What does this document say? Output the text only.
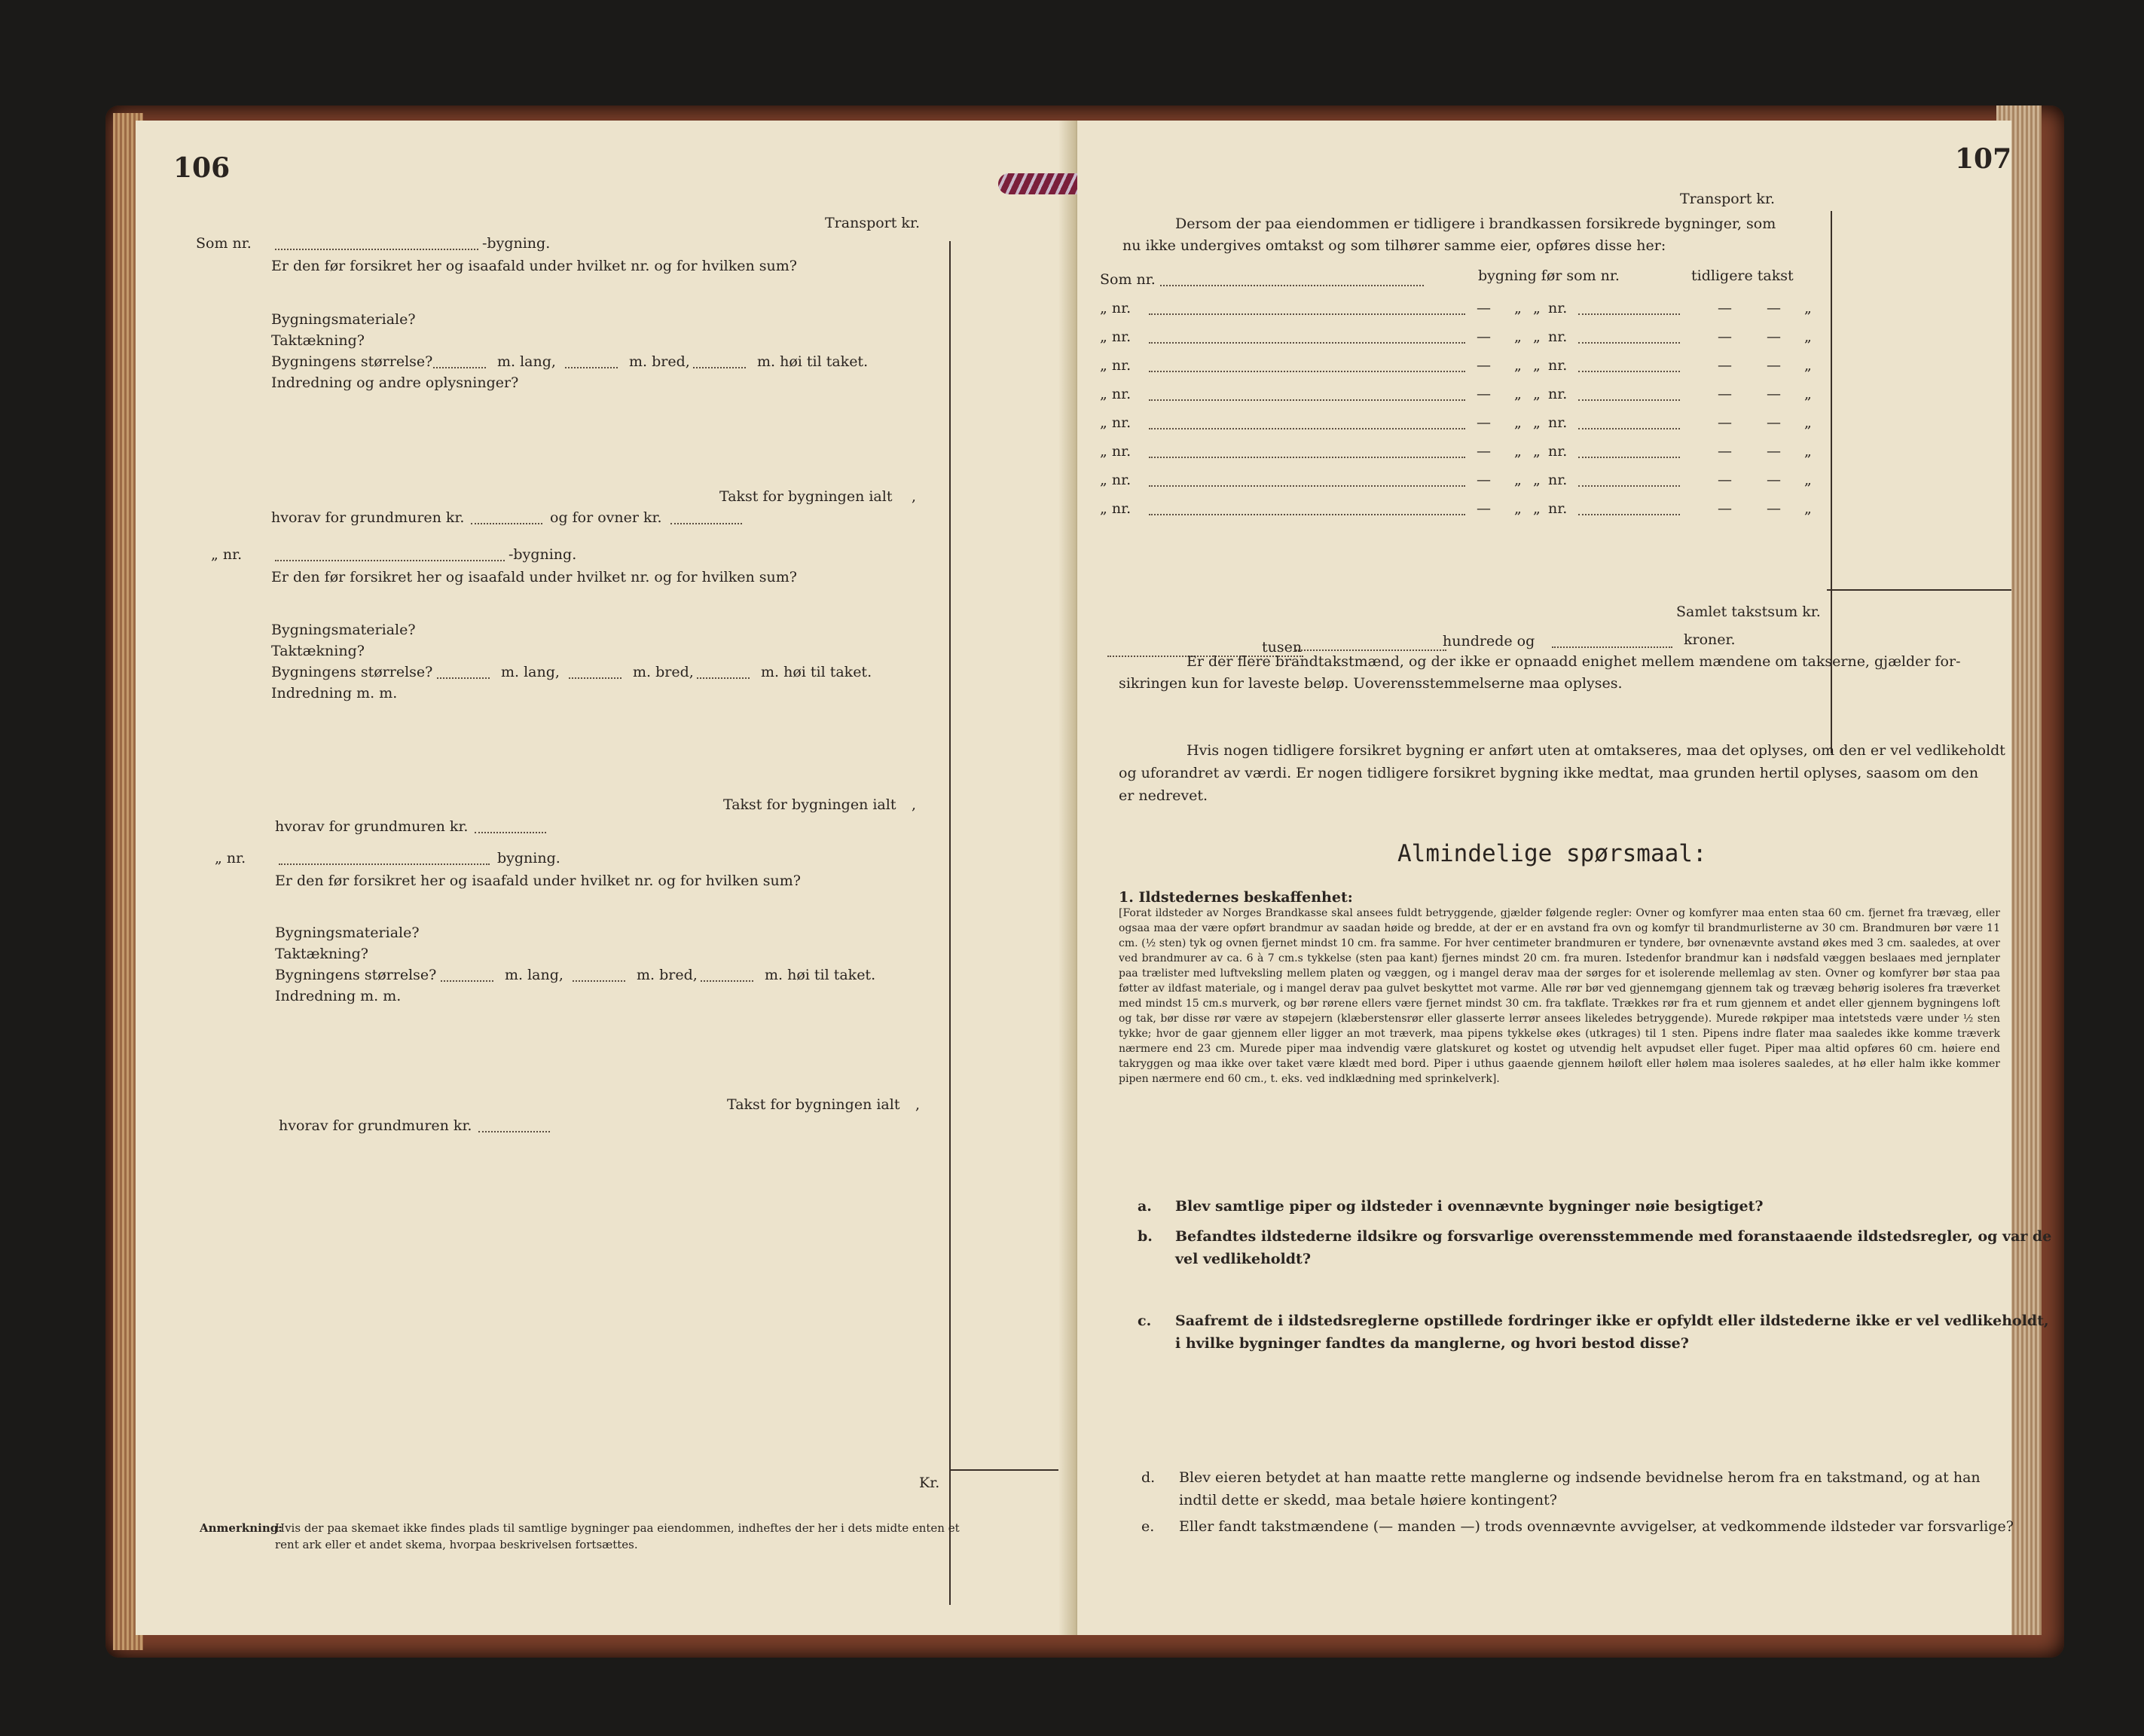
106
Transport kr.
Som nr.	-bygning.
Er den før forsikret her og isaafald under hvilket nr. og for hvilken sum?
Bygningsmateriale?
Taktækning?
Bygningens størrelse?	m. lang,	m. bred,	m. høi til taket.
Indredning og andre oplysninger?
Takst for bygningen ialt ,
hvorav for grundmuren kr.	og for ovner kr.
„ nr.	-bygning.
Er den før forsikret her og isaafald under hvilket nr. og for hvilken sum?
Bygningsmateriale?
Taktækning?
Bygningens størrelse?	m. lang,	m. bred,	m. høi til taket.
Indredning m. m.
Takst for bygningen ialt ,
hvorav for grundmuren kr.
„ nr.	bygning.
Er den før forsikret her og isaafald under hvilket nr. og for hvilken sum?
Bygningsmateriale?
Taktækning?
Bygningens størrelse?	m. lang,	m. bred,	m. høi til taket.
Indredning m. m.
Takst for bygningen ialt ,
hvorav for grundmuren kr.
Kr.
Anmerkning:
Hvis der paa skemaet ikke findes plads til samtlige bygninger paa eiendommen, indheftes der her i dets midte enten et
rent ark eller et andet skema, hvorpaa beskrivelsen fortsættes.
107
Transport kr.
Dersom der paa eiendommen er tidligere i brandkassen forsikrede bygninger, som
nu ikke undergives omtakst og som tilhører samme eier, opføres disse her:
Som nr.	bygning før som nr.	tidligere takst
„ nr.	— „ „ nr.	— — „
„ nr.	— „ „ nr.	— — „
„ nr.	— „ „ nr.	— — „
„ nr.	— „ „ nr.	— — „
„ nr.	— „ „ nr.	— — „
„ nr.	— „ „ nr.	— — „
„ nr.	— „ „ nr.	— — „
„ nr.	— „ „ nr.	— — „
Samlet takstsum kr.
tusen	hundrede og	kroner.
Er der flere brandtakstmænd, og der ikke er opnaadd enighet mellem mændene om takserne, gjælder for-
sikringen kun for laveste beløp. Uoverensstemmelserne maa oplyses.
Hvis nogen tidligere forsikret bygning er anført uten at omtakseres, maa det oplyses, om den er vel vedlikeholdt
og uforandret av værdi. Er nogen tidligere forsikret bygning ikke medtat, maa grunden hertil oplyses, saasom om den
er nedrevet.
Almindelige spørsmaal:
1. Ildstedernes beskaffenhet:
[Forat ildsteder av Norges Brandkasse skal ansees fuldt betryggende, gjælder følgende regler: Ovner og komfyrer maa enten staa 60 cm. fjernet fra trævæg, eller ogsaa maa der være opført brandmur av saadan høide og bredde, at der er en avstand fra ovn og komfyr til brandmurlisterne av 30 cm. Brandmuren bør være 11 cm. (½ sten) tyk og ovnen fjernet mindst 10 cm. fra samme. For hver centimeter brandmuren er tyndere, bør ovnenævnte avstand økes med 3 cm. saaledes, at over ved brandmurer av ca. 6 à 7 cm.s tykkelse (sten paa kant) fjernes mindst 20 cm. fra muren. Istedenfor brandmur kan i nødsfald væggen beslaaes med jernplater paa trælister med luftveksling mellem platen og væggen, og i mangel derav maa der sørges for et isolerende mellemlag av sten. Ovner og komfyrer bør staa paa føtter av ildfast materiale, og i mangel derav paa gulvet beskyttet mot varme. Alle rør bør ved gjennemgang gjennem tak og trævæg behørig isoleres fra træverket med mindst 15 cm.s murverk, og bør rørene ellers være fjernet mindst 30 cm. fra takflate. Trækkes rør fra et rum gjennem et andet eller gjennem bygningens loft og tak, bør disse rør være av støpejern (klæberstensrør eller glasserte lerrør ansees likeledes betryggende). Murede røkpiper maa intetsteds være under ½ sten tykke; hvor de gaar gjennem eller ligger an mot træverk, maa pipens tykkelse økes (utkrages) til 1 sten. Pipens indre flater maa saaledes ikke komme træverk nærmere end 23 cm. Murede piper maa indvendig være glatskuret og kostet og utvendig helt avpudset eller fuget. Piper maa altid opføres 60 cm. høiere end takryggen og maa ikke over taket være klædt med bord. Piper i uthus gaaende gjennem høiloft eller hølem maa isoleres saaledes, at hø eller halm ikke kommer pipen nærmere end 60 cm., t. eks. ved indklædning med sprinkelverk].
a. Blev samtlige piper og ildsteder i ovennævnte bygninger nøie besigtiget?
b. Befandtes ildstederne ildsikre og forsvarlige overensstemmende med foranstaaende ildstedsregler, og var de
vel vedlikeholdt?
c. Saafremt de i ildstedsreglerne opstillede fordringer ikke er opfyldt eller ildstederne ikke er vel vedlikeholdt,
i hvilke bygninger fandtes da manglerne, og hvori bestod disse?
d. Blev eieren betydet at han maatte rette manglerne og indsende bevidnelse herom fra en takstmand, og at han
indtil dette er skedd, maa betale høiere kontingent?
e. Eller fandt takstmændene (— manden —) trods ovennævnte avvigelser, at vedkommende ildsteder var forsvarlige?
